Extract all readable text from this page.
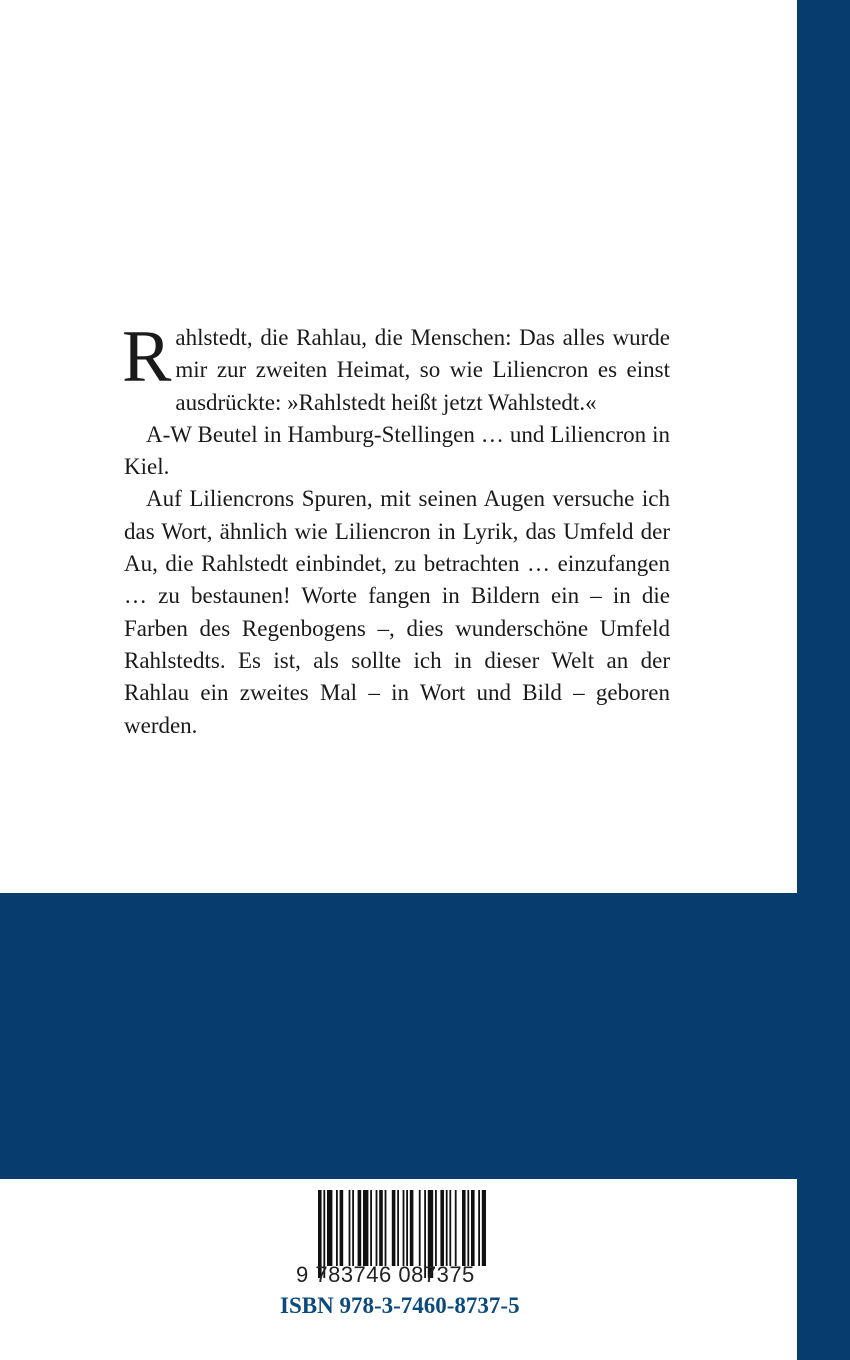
R ahlstedt, die Rahlau, die Menschen: Das alles wurde mir zur zweiten Heimat, so wie Liliencron es einst ausdrückte: »Rahlstedt heißt jetzt Wahlstedt.«

A-W Beutel in Hamburg-Stellingen … und Liliencron in Kiel.

Auf Liliencrons Spuren, mit seinen Augen versuche ich das Wort, ähnlich wie Liliencron in Lyrik, das Umfeld der Au, die Rahlstedt einbindet, zu betrachten … einzufangen … zu bestaunen! Worte fangen in Bildern ein – in die Farben des Regenbogens –, dies wunderschöne Umfeld Rahlstedts. Es ist, als sollte ich in dieser Welt an der Rahlau ein zweites Mal – in Wort und Bild – geboren werden.

9 783746 087375
ISBN 978-3-7460-8737-5
